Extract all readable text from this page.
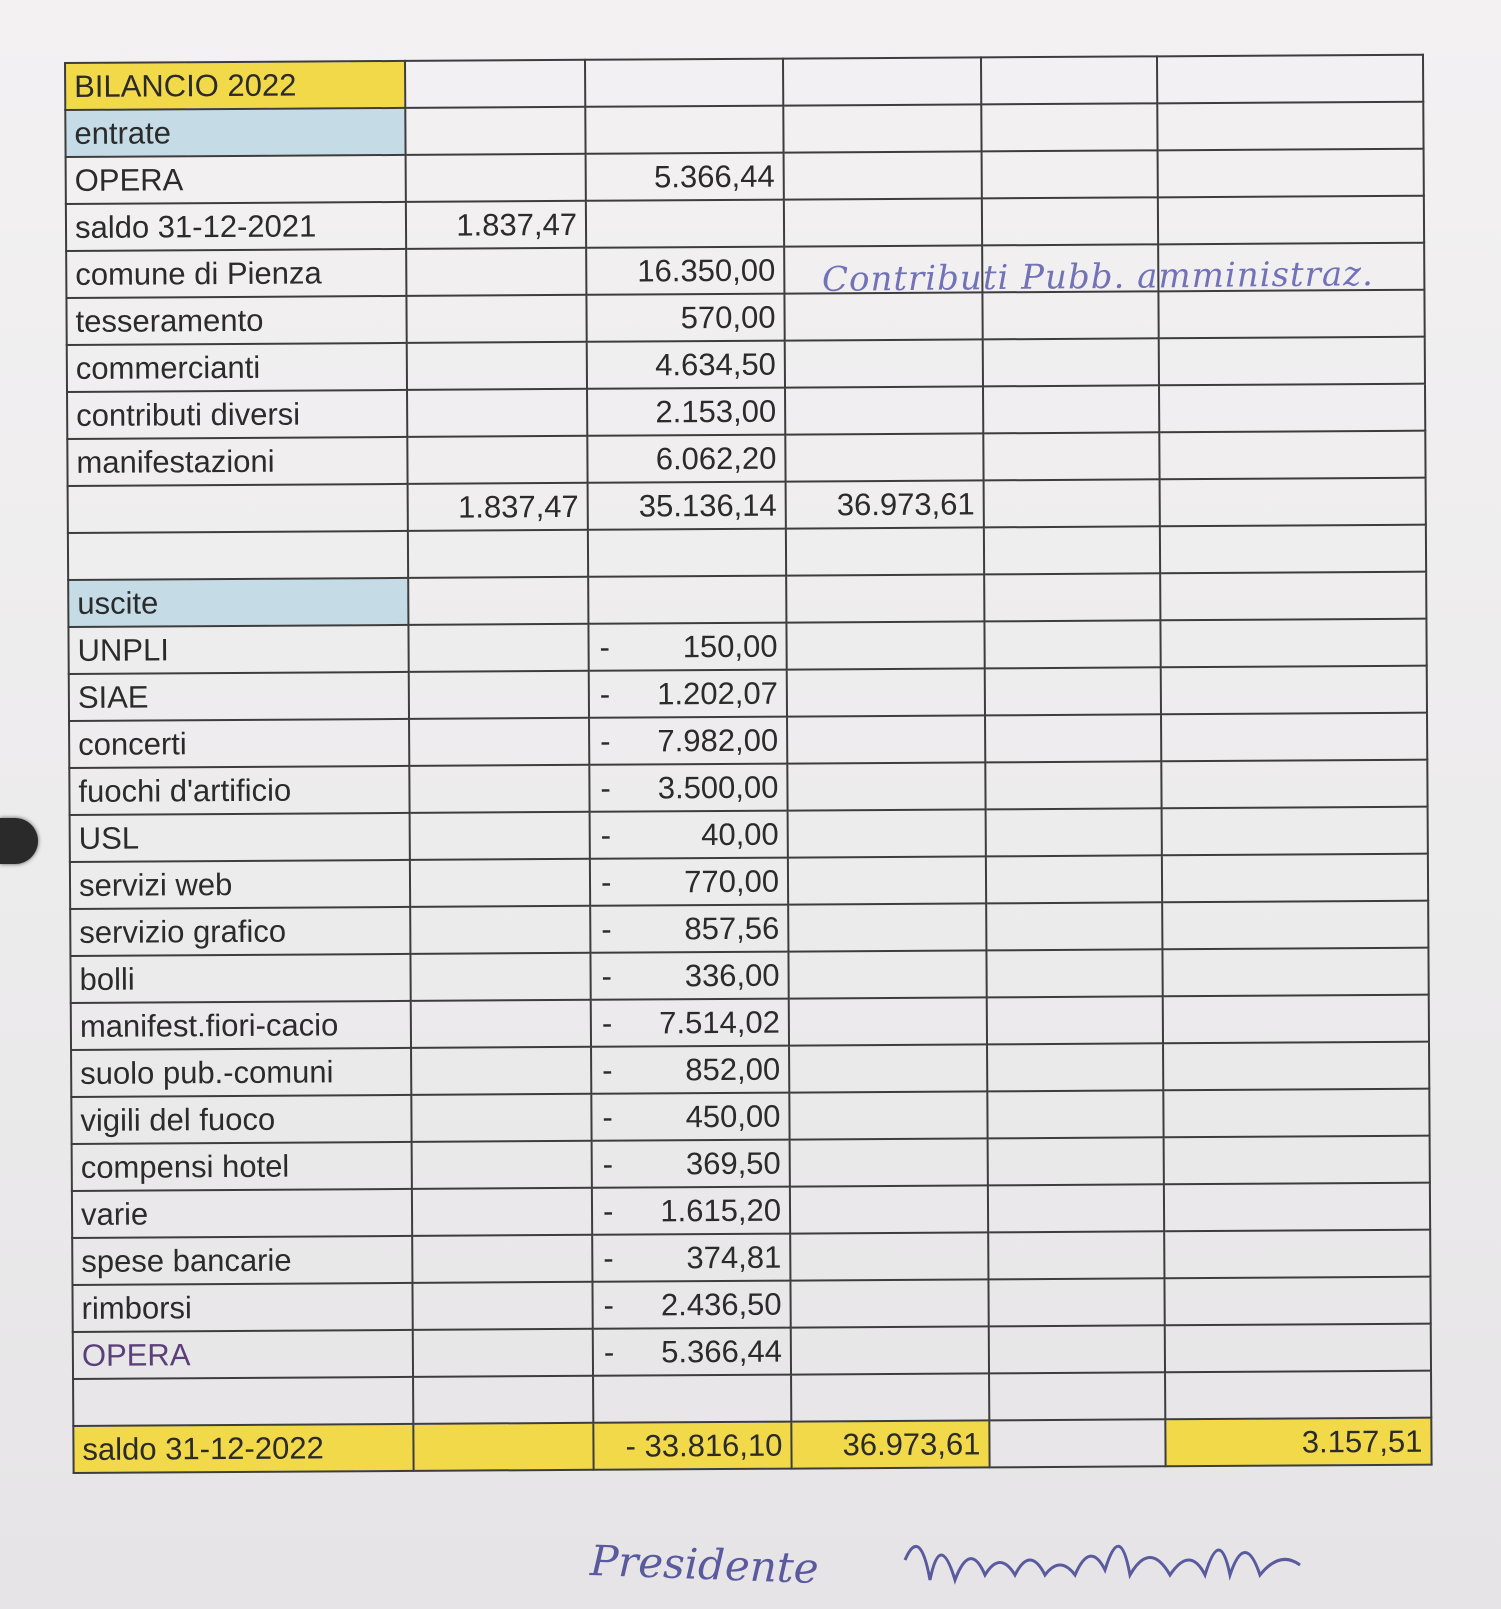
BILANCIO 2022					
entrate					
OPERA		5.366,44			
saldo 31-12-2021	1.837,47				
comune di Pienza		16.350,00			
tesseramento		570,00			
commercianti		4.634,50			
contributi diversi		2.153,00			
manifestazioni		6.062,20			
	1.837,47	35.136,14	36.973,61		

uscite					
UNPLI		- 150,00			
SIAE		- 1.202,07			
concerti		- 7.982,00			
fuochi d'artificio		- 3.500,00			
USL		- 40,00			
servizi web		- 770,00			
servizio grafico		- 857,56			
bolli		- 336,00			
manifest.fiori-cacio		- 7.514,02			
suolo pub.-comuni		- 852,00			
vigili del fuoco		- 450,00			
compensi hotel		- 369,50			
varie		- 1.615,20			
spese bancarie		- 374,81			
rimborsi		- 2.436,50			
OPERA		- 5.366,44			

saldo 31-12-2022		- 33.816,10	36.973,61		3.157,51
Contributi Pubb. amministraz.
Presidente
